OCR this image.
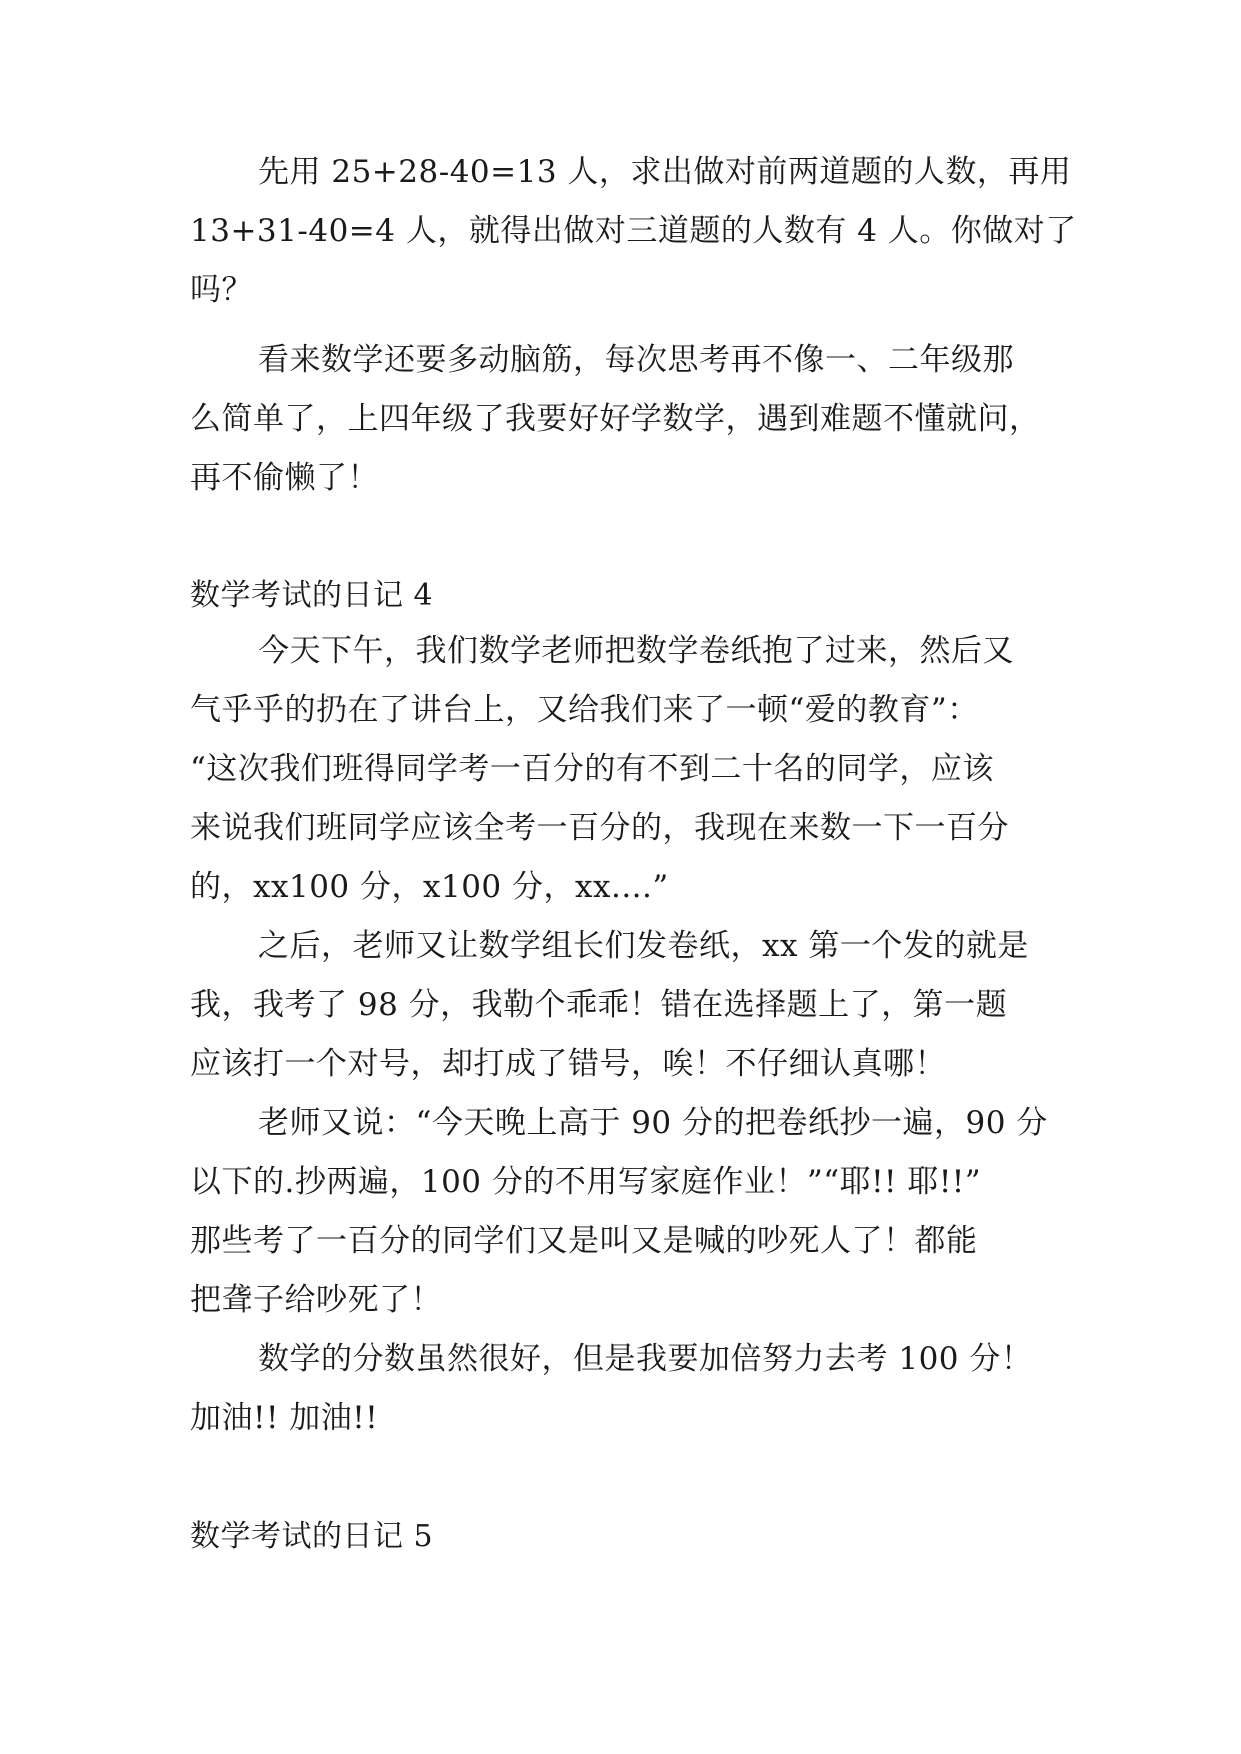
先用 25+28-40=13 人，求出做对前两道题的人数，再用

13+31-40=4 人，就得出做对三道题的人数有 4 人。你做对了

吗？

看来数学还要多动脑筋，每次思考再不像一、二年级那

么简单了，上四年级了我要好好学数学，遇到难题不懂就问，

再不偷懒了！

数学考试的日记 4

今天下午，我们数学老师把数学卷纸抱了过来，然后又

气乎乎的扔在了讲台上，又给我们来了一顿“爱的教育”：

“这次我们班得同学考一百分的有不到二十名的同学，应该

来说我们班同学应该全考一百分的，我现在来数一下一百分

的，xx100 分，x100 分，xx....”

之后，老师又让数学组长们发卷纸，xx 第一个发的就是

我，我考了 98 分，我勒个乖乖！错在选择题上了，第一题

应该打一个对号，却打成了错号，唉！不仔细认真哪！

老师又说：“今天晚上高于 90 分的把卷纸抄一遍，90 分

以下的.抄两遍，100 分的不用写家庭作业！”“耶!! 耶!!”

那些考了一百分的同学们又是叫又是喊的吵死人了！都能

把聋子给吵死了！

数学的分数虽然很好，但是我要加倍努力去考 100 分！

加油!! 加油!!

数学考试的日记 5
